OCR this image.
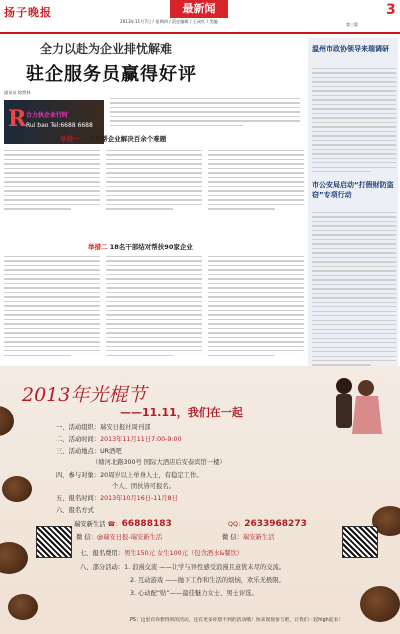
扬子晚报	最新闻
2013年11月7日 / 星期四 / 责任编辑 / 王成红 / 美编
3
第三版
全力以赴为企业排忧解难
驻企服务员赢得好评
通讯员 徐然林
R 合力执企业行时
Rui bao Tel:6688 6688
举措一 一个月帮企业解决百余个难题
举措二 18名干部结对帮扶90家企业
温州市政协领导来瑞调研
市公安局启动“打假财防盗窃”专项行动
2013年光棍节
——11.11，我们在一起
一、活动组织：瑞安日报社周刊部
二、活动时间：2013年11月11日7:00-9:00
三、活动地点：UR酒吧
（塘河北路300号 国际大酒店后安泰宾馆一楼）
四、参与对象：20周岁以上单身人士，有稳定工作。
个人、团伙皆可报名。
五、报名时间：2013年10月16日-11月8日
六、报名方式
瑞安新生活 ☎：66888183	QQ：2633968273
微 信：@瑞安日报-瑞安新生活	微 信：瑞安新生活
七、报名费用：男生150元 女生100元（包含酒水&餐饮）
八、部分活动：1. 浪漫交流 ——让学与异性感受浪漫且意犹未尽的交流。
2. 互动游戏 ——抛下工作和生活的烦恼，欢乐无极限。
3. 心动配“贴”——最佳魅力女士、男士评选。
PS：这里有你想得到的活动，还有更多你想不到的活动哦！快来现场参与吧，让我们一起high起来！
